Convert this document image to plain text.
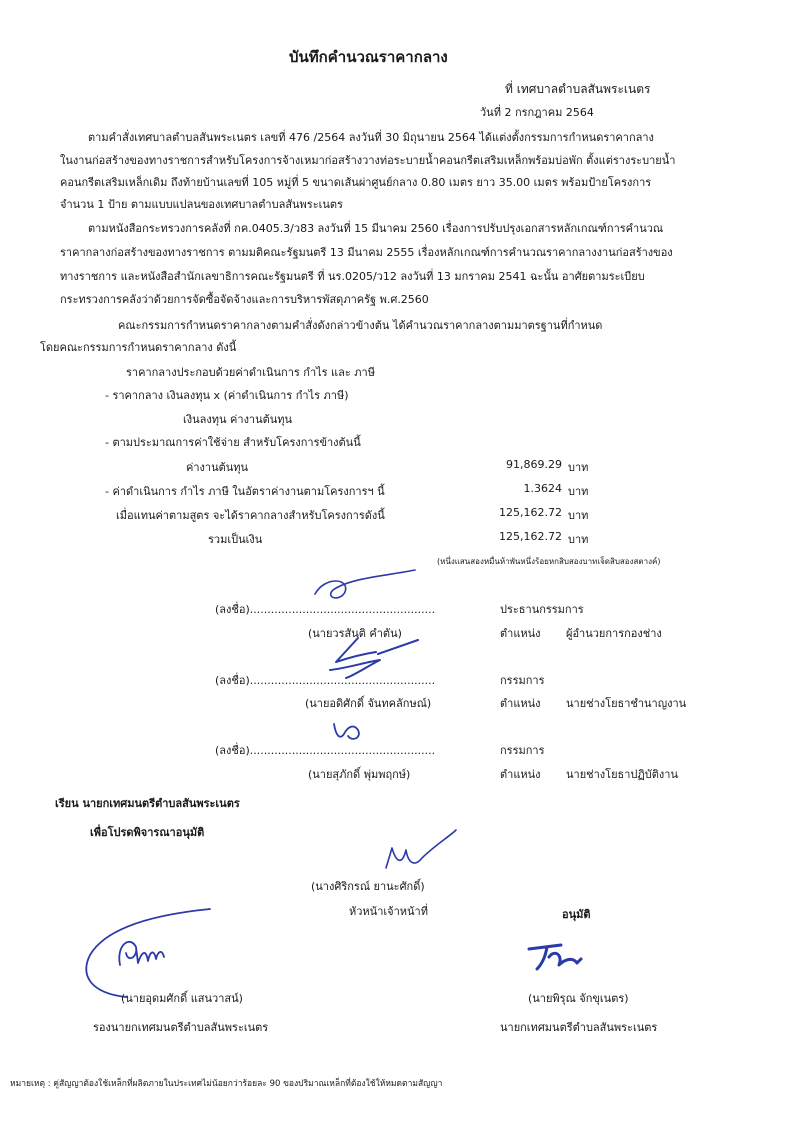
บันทึกคำนวณราคากลาง
ที่ เทศบาลตำบลสันพระเนตร
วันที่ 2 กรกฎาคม 2564
ตามคำสั่งเทศบาลตำบลสันพระเนตร เลขที่ 476 /2564 ลงวันที่ 30 มิถุนายน 2564 ได้แต่งตั้งกรรมการกำหนดราคากลาง
ในงานก่อสร้างของทางราชการสำหรับโครงการจ้างเหมาก่อสร้างวางท่อระบายน้ำคอนกรีตเสริมเหล็กพร้อมบ่อพัก ตั้งแต่รางระบายน้ำ
คอนกรีตเสริมเหล็กเดิม ถึงท้ายบ้านเลขที่ 105 หมู่ที่ 5 ขนาดเส้นผ่าศูนย์กลาง 0.80 เมตร ยาว 35.00 เมตร พร้อมป้ายโครงการ
จำนวน 1 ป้าย ตามแบบแปลนของเทศบาลตำบลสันพระเนตร
ตามหนังสือกระทรวงการคลังที่ กค.0405.3/ว83 ลงวันที่ 15 มีนาคม 2560 เรื่องการปรับปรุงเอกสารหลักเกณฑ์การคำนวณ
ราคากลางก่อสร้างของทางราชการ ตามมติคณะรัฐมนตรี 13 มีนาคม 2555 เรื่องหลักเกณฑ์การคำนวณราคากลางงานก่อสร้างของ
ทางราชการ และหนังสือสำนักเลขาธิการคณะรัฐมนตรี ที่ นร.0205/ว12 ลงวันที่ 13 มกราคม 2541 ฉะนั้น อาศัยตามระเบียบ
กระทรวงการคลังว่าด้วยการจัดซื้อจัดจ้างและการบริหารพัสดุภาครัฐ พ.ศ.2560
คณะกรรมการกำหนดราคากลางตามคำสั่งดังกล่าวข้างต้น ได้คำนวณราคากลางตามมาตรฐานที่กำหนด
โดยคณะกรรมการกำหนดราคากลาง ดังนี้
ราคากลางประกอบด้วยค่าดำเนินการ กำไร และ ภาษี
- ราคากลาง เงินลงทุน x (ค่าดำเนินการ กำไร ภาษี)
เงินลงทุน ค่างานต้นทุน
- ตามประมาณการค่าใช้จ่าย สำหรับโครงการข้างต้นนี้
ค่างานต้นทุน	91,869.29 บาท
- ค่าดำเนินการ กำไร ภาษี ในอัตราค่างานตามโครงการฯ นี้	1.3624 บาท
เมื่อแทนค่าตามสูตร จะได้ราคากลางสำหรับโครงการดังนี้	125,162.72 บาท
รวมเป็นเงิน	125,162.72 บาท
(หนึ่งแสนสองหมื่นห้าพันหนึ่งร้อยหกสิบสองบาทเจ็ดสิบสองสตางค์)
(ลงชื่อ).....................................................	ประธานกรรมการ
(นายวรสันติ คำตัน)	ตำแหน่ง ผู้อำนวยการกองช่าง
(ลงชื่อ).....................................................	กรรมการ
(นายอดิศักดิ์ จันทคลักษณ์)	ตำแหน่ง นายช่างโยธาชำนาญงาน
(ลงชื่อ).....................................................	กรรมการ
(นายสุภักดิ์ พุ่มพฤกษ์)	ตำแหน่ง นายช่างโยธาปฏิบัติงาน
เรียน นายกเทศมนตรีตำบลสันพระเนตร
เพื่อโปรดพิจารณาอนุมัติ
(นางศิริกรณ์ ยานะศักดิ์)
หัวหน้าเจ้าหน้าที่	อนุมัติ
(นายอุดมศักดิ์ แสนวาสน์)
รองนายกเทศมนตรีตำบลสันพระเนตร
(นายพิรุณ จักขุเนตร)
นายกเทศมนตรีตำบลสันพระเนตร
หมายเหตุ : คู่สัญญาต้องใช้เหล็กที่ผลิตภายในประเทศไม่น้อยกว่าร้อยละ 90 ของปริมาณเหล็กที่ต้องใช้ให้หมดตามสัญญา
